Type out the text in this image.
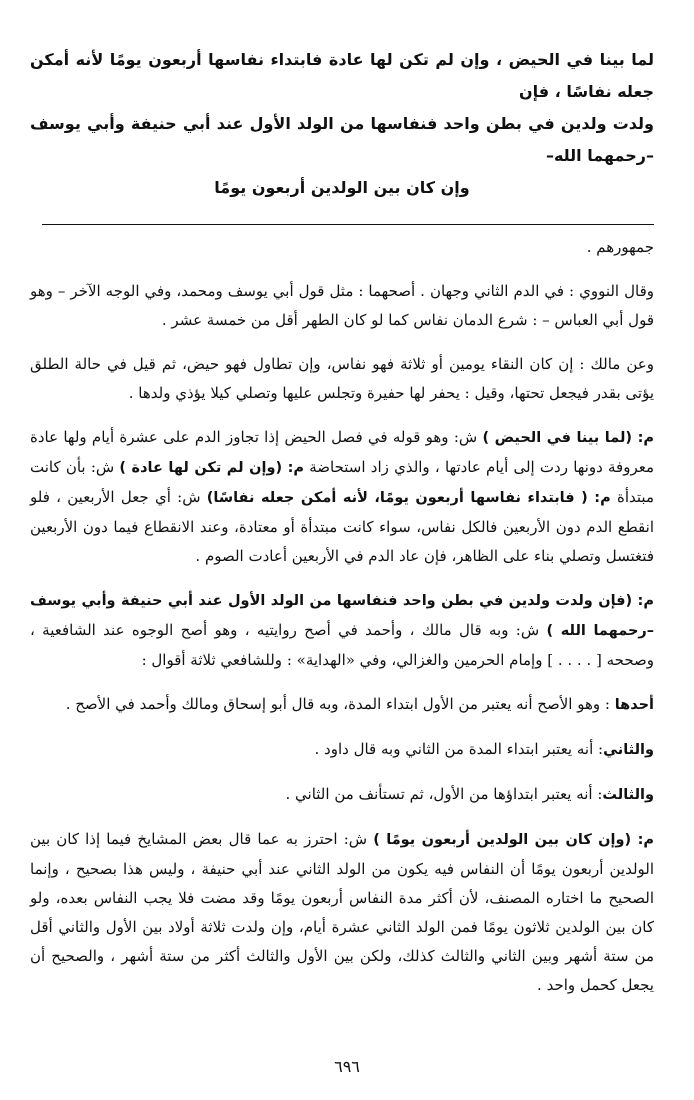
لما بينا في الحيض ، وإن لم تكن لها عادة فابتداء نفاسها أربعون يومًا لأنه أمكن جعله نفاسًا ، فإن

ولدت ولدين في بطن واحد فنفاسها من الولد الأول عند أبي حنيفة وأبي يوسف –رحمهما الله–

وإن كان بين الولدين أربعون يومًا

جمهورهم .

وقال النووي : في الدم الثاني وجهان . أصحهما : مثل قول أبي يوسف ومحمد، وفي الوجه الآخر – وهو قول أبي العباس – : شرع الدمان نفاس كما لو كان الطهر أقل من خمسة عشر .

وعن مالك : إن كان النقاء يومين أو ثلاثة فهو نفاس، وإن تطاول فهو حيض، ثم قيل في حالة الطلق يؤتى بقدر فيجعل تحتها، وقيل : يحفر لها حفيرة وتجلس عليها وتصلي كيلا يؤذي ولدها .

م: (لما بينا في الحيض ) ش: وهو قوله في فصل الحيض إذا تجاوز الدم على عشرة أيام ولها عادة معروفة دونها ردت إلى أيام عادتها ، والذي زاد استحاضة م: (وإن لم تكن لها عادة ) ش: بأن كانت مبتدأة م: ( فابتداء نفاسها أربعون يومًا، لأنه أمكن جعله نفاسًا) ش: أي جعل الأربعين ، فلو انقطع الدم دون الأربعين فالكل نفاس، سواء كانت مبتدأة أو معتادة، وعند الانقطاع فيما دون الأربعين فتغتسل وتصلي بناء على الظاهر، فإن عاد الدم في الأربعين أعادت الصوم .

م: (فإن ولدت ولدين في بطن واحد فنفاسها من الولد الأول عند أبي حنيفة وأبي يوسف –رحمهما الله ) ش: وبه قال مالك ، وأحمد في أصح روايتيه ، وهو أصح الوجوه عند الشافعية ، وصححه [ . . . . ] وإمام الحرمين والغزالي، وفي «الهداية» : وللشافعي ثلاثة أقوال :

أحدها : وهو الأصح أنه يعتبر من الأول ابتداء المدة، وبه قال أبو إسحاق ومالك وأحمد في الأصح .

والثاني: أنه يعتبر ابتداء المدة من الثاني وبه قال داود .

والثالث: أنه يعتبر ابتداؤها من الأول، ثم تستأنف من الثاني .

م: (وإن كان بين الولدين أربعون يومًا ) ش: احترز به عما قال بعض المشايخ فيما إذا كان بين الولدين أربعون يومًا أن النفاس فيه يكون من الولد الثاني عند أبي حنيفة ، وليس هذا بصحيح ، وإنما الصحيح ما اختاره المصنف، لأن أكثر مدة النفاس أربعون يومًا وقد مضت فلا يجب النفاس بعده، ولو كان بين الولدين ثلاثون يومًا فمن الولد الثاني عشرة أيام، وإن ولدت ثلاثة أولاد بين الأول والثاني أقل من ستة أشهر وبين الثاني والثالث كذلك، ولكن بين الأول والثالث أكثر من ستة أشهر ، والصحيح أن يجعل كحمل واحد .

٦٩٦
